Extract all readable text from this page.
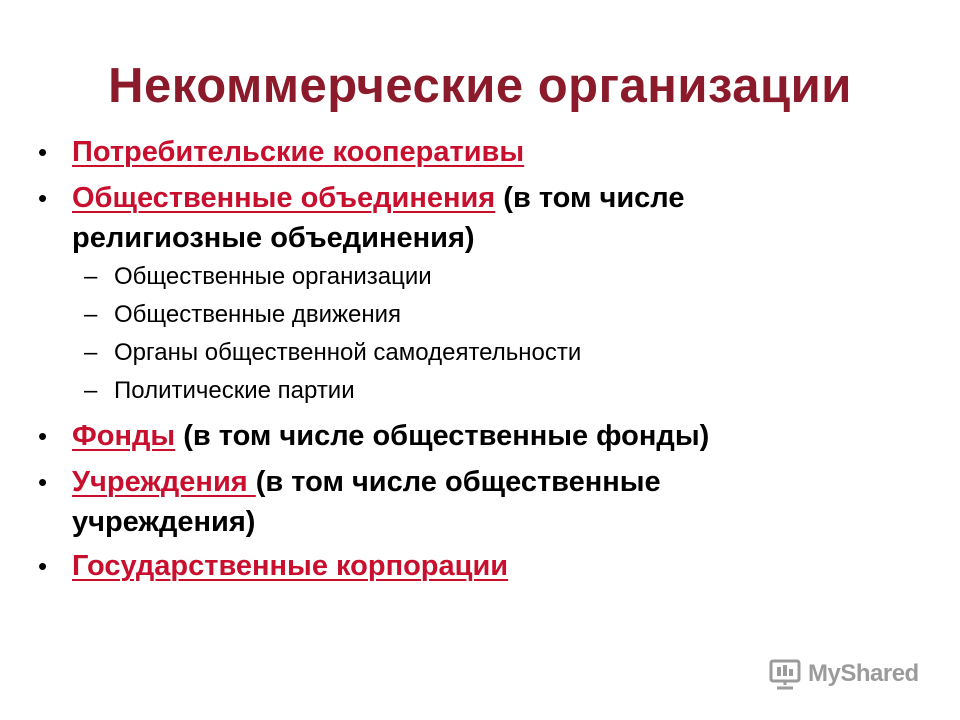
Некоммерческие организации
• Потребительские кооперативы
• Общественные объединения (в том числе
религиозные объединения)
– Общественные организации
– Общественные движения
– Органы общественной самодеятельности
– Политические партии
• Фонды (в том числе общественные фонды)
• Учреждения (в том числе общественные
учреждения)
• Государственные корпорации
MyShared
